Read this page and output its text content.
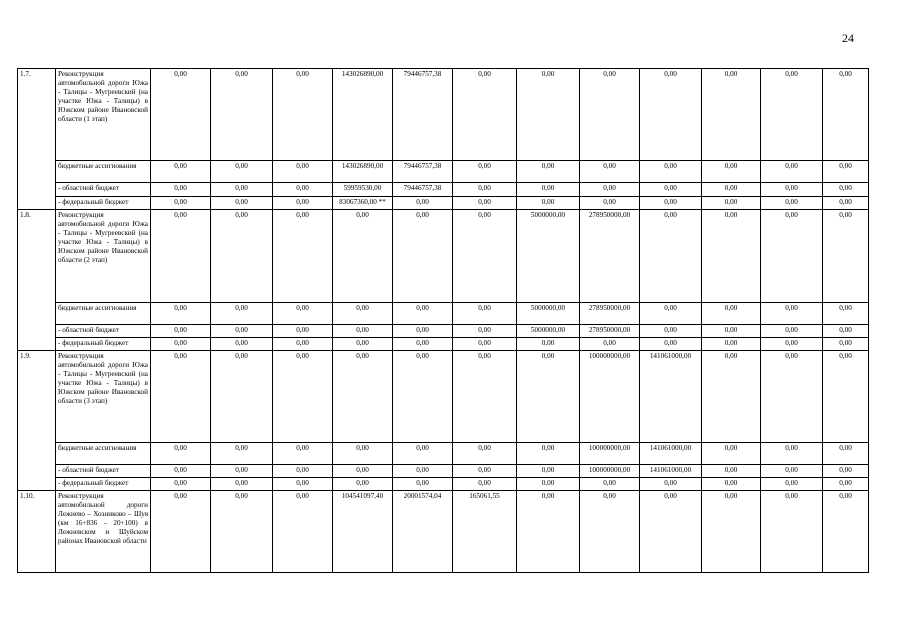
24
1.7.	Реконструкция автомобильной дороги Южа - Талицы - Мугреевский (на участке Южа - Талицы) в Южском районе Ивановской области (1 этап)	0,00	0,00	0,00	143026890,00	79446757,38	0,00	0,00	0,00	0,00	0,00	0,00	0,00	
	бюджетные ассигнования	0,00	0,00	0,00	143026890,00	79446757,38	0,00	0,00	0,00	0,00	0,00	0,00	0,00	
	- областной бюджет	0,00	0,00	0,00	59959530,00	79446757,38	0,00	0,00	0,00	0,00	0,00	0,00	0,00	
	- федеральный бюджет	0,00	0,00	0,00	83067360,00 **	0,00	0,00	0,00	0,00	0,00	0,00	0,00	0,00	
1.8.	Реконструкция автомобильной дороги Южа - Талицы - Мугреевский (на участке Южа - Талицы) в Южском районе Ивановской области (2 этап)	0,00	0,00	0,00	0,00	0,00	0,00	5000000,00	278950000,00	0,00	0,00	0,00	0,00	
	бюджетные ассигнования	0,00	0,00	0,00	0,00	0,00	0,00	5000000,00	278950000,00	0,00	0,00	0,00	0,00	
	- областной бюджет	0,00	0,00	0,00	0,00	0,00	0,00	5000000,00	278950000,00	0,00	0,00	0,00	0,00	
	- федеральный бюджет	0,00	0,00	0,00	0,00	0,00	0,00	0,00	0,00	0,00	0,00	0,00	0,00	
1.9.	Реконструкция автомобильной дороги Южа - Талицы - Мугреевский (на участке Южа - Талицы) в Южском районе Ивановской области (3 этап)	0,00	0,00	0,00	0,00	0,00	0,00	0,00	100000000,00	141061000,00	0,00	0,00	0,00	
	бюджетные ассигнования	0,00	0,00	0,00	0,00	0,00	0,00	0,00	100000000,00	141061000,00	0,00	0,00	0,00	
	- областной бюджет	0,00	0,00	0,00	0,00	0,00	0,00	0,00	100000000,00	141061000,00	0,00	0,00	0,00	
	- федеральный бюджет	0,00	0,00	0,00	0,00	0,00	0,00	0,00	0,00	0,00	0,00	0,00	0,00	
1.10.	Реконструкция автомобильной дороги Лежнево – Хозниково – Шуя (км 16+836 - 20+100) в Лежневском и Шуйском районах Ивановской области	0,00	0,00	0,00	104541097,40	20001574,04	165061,55	0,00	0,00	0,00	0,00	0,00	0,00	
